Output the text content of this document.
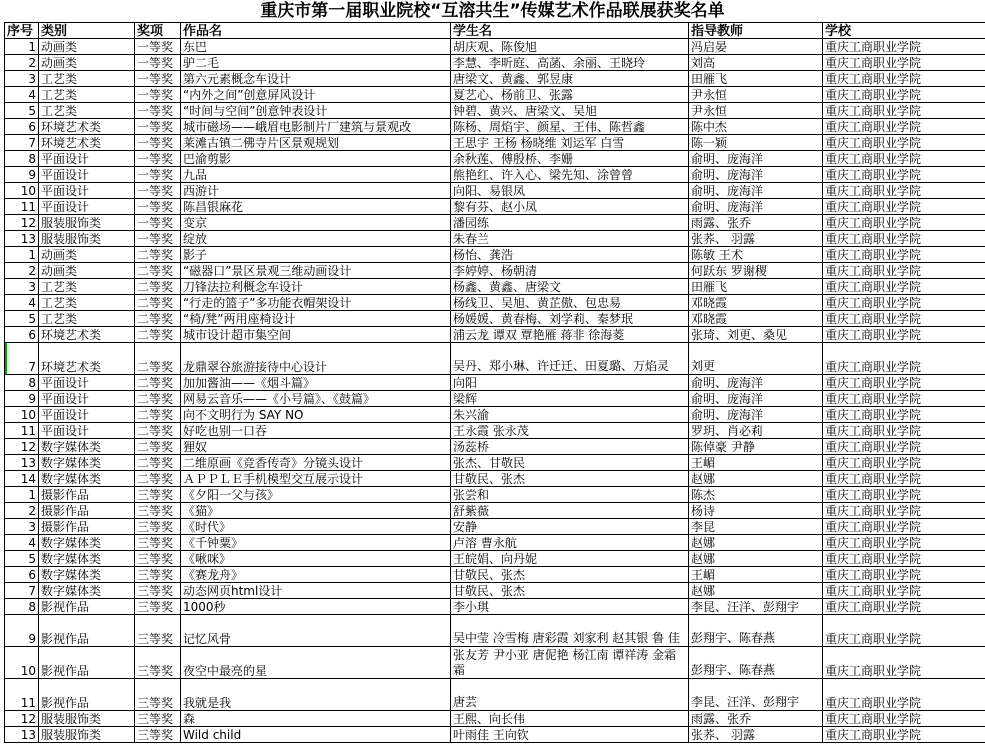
重庆市第一届职业院校“互溶共生”传媒艺术作品联展获奖名单
序号	类别	奖项	作品名	学生名	指导教师	学校
1	动画类	一等奖	东巴	胡庆观、陈俊旭	冯启晏	重庆工商职业学院
2	动画类	一等奖	驴二毛	李慧、李昕庭、高菡、余丽、王晓玲	刘高	重庆工商职业学院
3	工艺类	一等奖	第六元素概念车设计	唐梁文、黄鑫、郭昱康	田雁飞	重庆工商职业学院
4	工艺类	一等奖	“内外之间”创意屏风设计	夏艺心、杨前卫、张露	尹永恒	重庆工商职业学院
5	工艺类	一等奖	“时间与空间”创意钟表设计	钟碧、黄兴、唐梁文、吴旭	尹永恒	重庆工商职业学院
6	环境艺术类	一等奖	城市磁场——峨眉电影制片厂建筑与景观改	陈杨、周焰宇、颜星、王伟、陈哲鑫	陈中杰	重庆工商职业学院
7	环境艺术类	一等奖	莱滩古镇二佛寺片区景观规划	王思宇 王杨 杨晓维 刘运军 白雪	陈一颖	重庆工商职业学院
8	平面设计	一等奖	巴渝剪影	余秋莲、傅殷桥、李姗	俞明、庞海洋	重庆工商职业学院
9	平面设计	一等奖	九品	熊艳红、许入心、梁先知、涂曾曾	俞明、庞海洋	重庆工商职业学院
10	平面设计	一等奖	西游计	向阳、易银凤	俞明、庞海洋	重庆工商职业学院
11	平面设计	一等奖	陈昌银麻花	黎有芬、赵小凤	俞明、庞海洋	重庆工商职业学院
12	服装服饰类	一等奖	变京	潘园练	雨露、张乔	重庆工商职业学院
13	服装服饰类	一等奖	绽放	朱春兰	张荞、 羽露	重庆工商职业学院
1	动画类	二等奖	影子	杨怡、龚浩	陈敏 王术	重庆工商职业学院
2	动画类	二等奖	“磁器口”景区景观三维动画设计	李婷婷、杨朝清	何跃东 罗谢稷	重庆工商职业学院
3	工艺类	二等奖	刀锋法拉利概念车设计	杨鑫、黄鑫、唐梁文	田雁飞	重庆工商职业学院
4	工艺类	二等奖	“行走的篮子”多功能衣帽架设计	杨线卫、吴旭、黄芷傲、包忠易	邓晓霞	重庆工商职业学院
5	工艺类	二等奖	“椅/凳”两用座椅设计	杨媛媛、黄春梅、刘学莉、秦梦珉	邓晓霞	重庆工商职业学院
6	环境艺术类	二等奖	城市设计超市集空间	浦云龙 谭双 覃艳雁 蒋非 徐海菱	张琦、刘更、桑见	重庆工商职业学院
7	环境艺术类	二等奖	龙鼎翠谷旅游接待中心设计	吴丹、郑小琳、许迁迁、田夏璐、万焰灵	刘更	重庆工商职业学院
8	平面设计	二等奖	加加酱油——《烟斗篇》	向阳	俞明、庞海洋	重庆工商职业学院
9	平面设计	二等奖	网易云音乐——《小号篇》、《鼓篇》	梁辉	俞明、庞海洋	重庆工商职业学院
10	平面设计	二等奖	向不文明行为 SAY NO	朱兴渝	俞明、庞海洋	重庆工商职业学院
11	平面设计	二等奖	好吃也别一口吞	王永霞 张永茂	罗玥、肖必莉	重庆工商职业学院
12	数字媒体类	二等奖	狸奴	汤蕊桥	陈倬豪 尹静	重庆工商职业学院
13	数字媒体类	二等奖	二维原画《竞香传奇》分镜头设计	张杰、甘敬民	王嵋	重庆工商职业学院
14	数字媒体类	二等奖	ＡＰＰＬＥ手机模型交互展示设计	甘敬民、张杰	赵娜	重庆工商职业学院
1	摄影作品	三等奖	《夕阳一父与孩》	张尝和	陈杰	重庆工商职业学院
2	摄影作品	三等奖	《猫》	舒紫薇	杨诗	重庆工商职业学院
3	摄影作品	三等奖	《时代》	安静	李昆	重庆工商职业学院
4	数字媒体类	三等奖	《千钟粟》	卢溶 曹永航	赵娜	重庆工商职业学院
5	数字媒体类	三等奖	《啾咪》	王皖娟、向丹妮	赵娜	重庆工商职业学院
6	数字媒体类	三等奖	《赛龙舟》	甘敬民、张杰	王嵋	重庆工商职业学院
7	数字媒体类	三等奖	动态网页html设计	甘敬民、张杰	赵娜	重庆工商职业学院
8	影视作品	三等奖	1000秒	李小琪	李昆、汪洋、彭翔宇	重庆工商职业学院
9	影视作品	三等奖	记忆风骨	吴中莹 冷雪梅 唐彩霞 刘家利 赵其银 鲁 佳	彭翔宇、陈春燕	重庆工商职业学院
10	影视作品	三等奖	夜空中最亮的星	张友芳 尹小亚 唐伲艳 杨江南 谭祥涛 金霜霜	彭翔宇、陈春燕	重庆工商职业学院
11	影视作品	三等奖	我就是我	唐芸	李昆、汪洋、彭翔宇	重庆工商职业学院
12	服装服饰类	三等奖	森	王熙、向长伟	雨露、张乔	重庆工商职业学院
13	服装服饰类	三等奖	Wild child	叶雨佳 王向钦	张荞、 羽露	重庆工商职业学院
